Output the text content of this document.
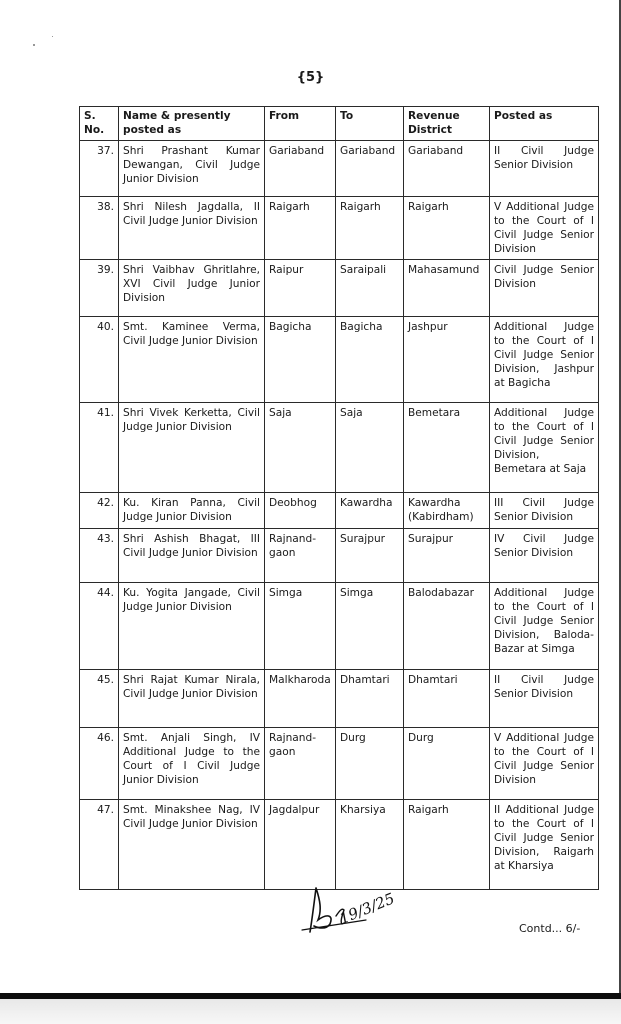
{5}
S. No.	Name & presently posted as	From	To	Revenue District	Posted as
37.	Shri Prashant Kumar Dewangan, Civil Judge Junior Division	Gariaband	Gariaband	Gariaband	II Civil Judge Senior Division
38.	Shri Nilesh Jagdalla, II Civil Judge Junior Division	Raigarh	Raigarh	Raigarh	V Additional Judge to the Court of I Civil Judge Senior Division
39.	Shri Vaibhav Ghritlahre, XVI Civil Judge Junior Division	Raipur	Saraipali	Mahasamund	Civil Judge Senior Division
40.	Smt. Kaminee Verma, Civil Judge Junior Division	Bagicha	Bagicha	Jashpur	Additional Judge to the Court of I Civil Judge Senior Division, Jashpur at Bagicha
41.	Shri Vivek Kerketta, Civil Judge Junior Division	Saja	Saja	Bemetara	Additional Judge to the Court of I Civil Judge Senior Division, Bemetara at Saja
42.	Ku. Kiran Panna, Civil Judge Junior Division	Deobhog	Kawardha	Kawardha (Kabirdham)	III Civil Judge Senior Division
43.	Shri Ashish Bhagat, III Civil Judge Junior Division	Rajnand-gaon	Surajpur	Surajpur	IV Civil Judge Senior Division
44.	Ku. Yogita Jangade, Civil Judge Junior Division	Simga	Simga	Balodabazar	Additional Judge to the Court of I Civil Judge Senior Division, Baloda-Bazar at Simga
45.	Shri Rajat Kumar Nirala, Civil Judge Junior Division	Malkharoda	Dhamtari	Dhamtari	II Civil Judge Senior Division
46.	Smt. Anjali Singh, IV Additional Judge to the Court of I Civil Judge Junior Division	Rajnand-gaon	Durg	Durg	V Additional Judge to the Court of I Civil Judge Senior Division
47.	Smt. Minakshee Nag, IV Civil Judge Junior Division	Jagdalpur	Kharsiya	Raigarh	II Additional Judge to the Court of I Civil Judge Senior Division, Raigarh at Kharsiya
19/3/25
Contd... 6/-
